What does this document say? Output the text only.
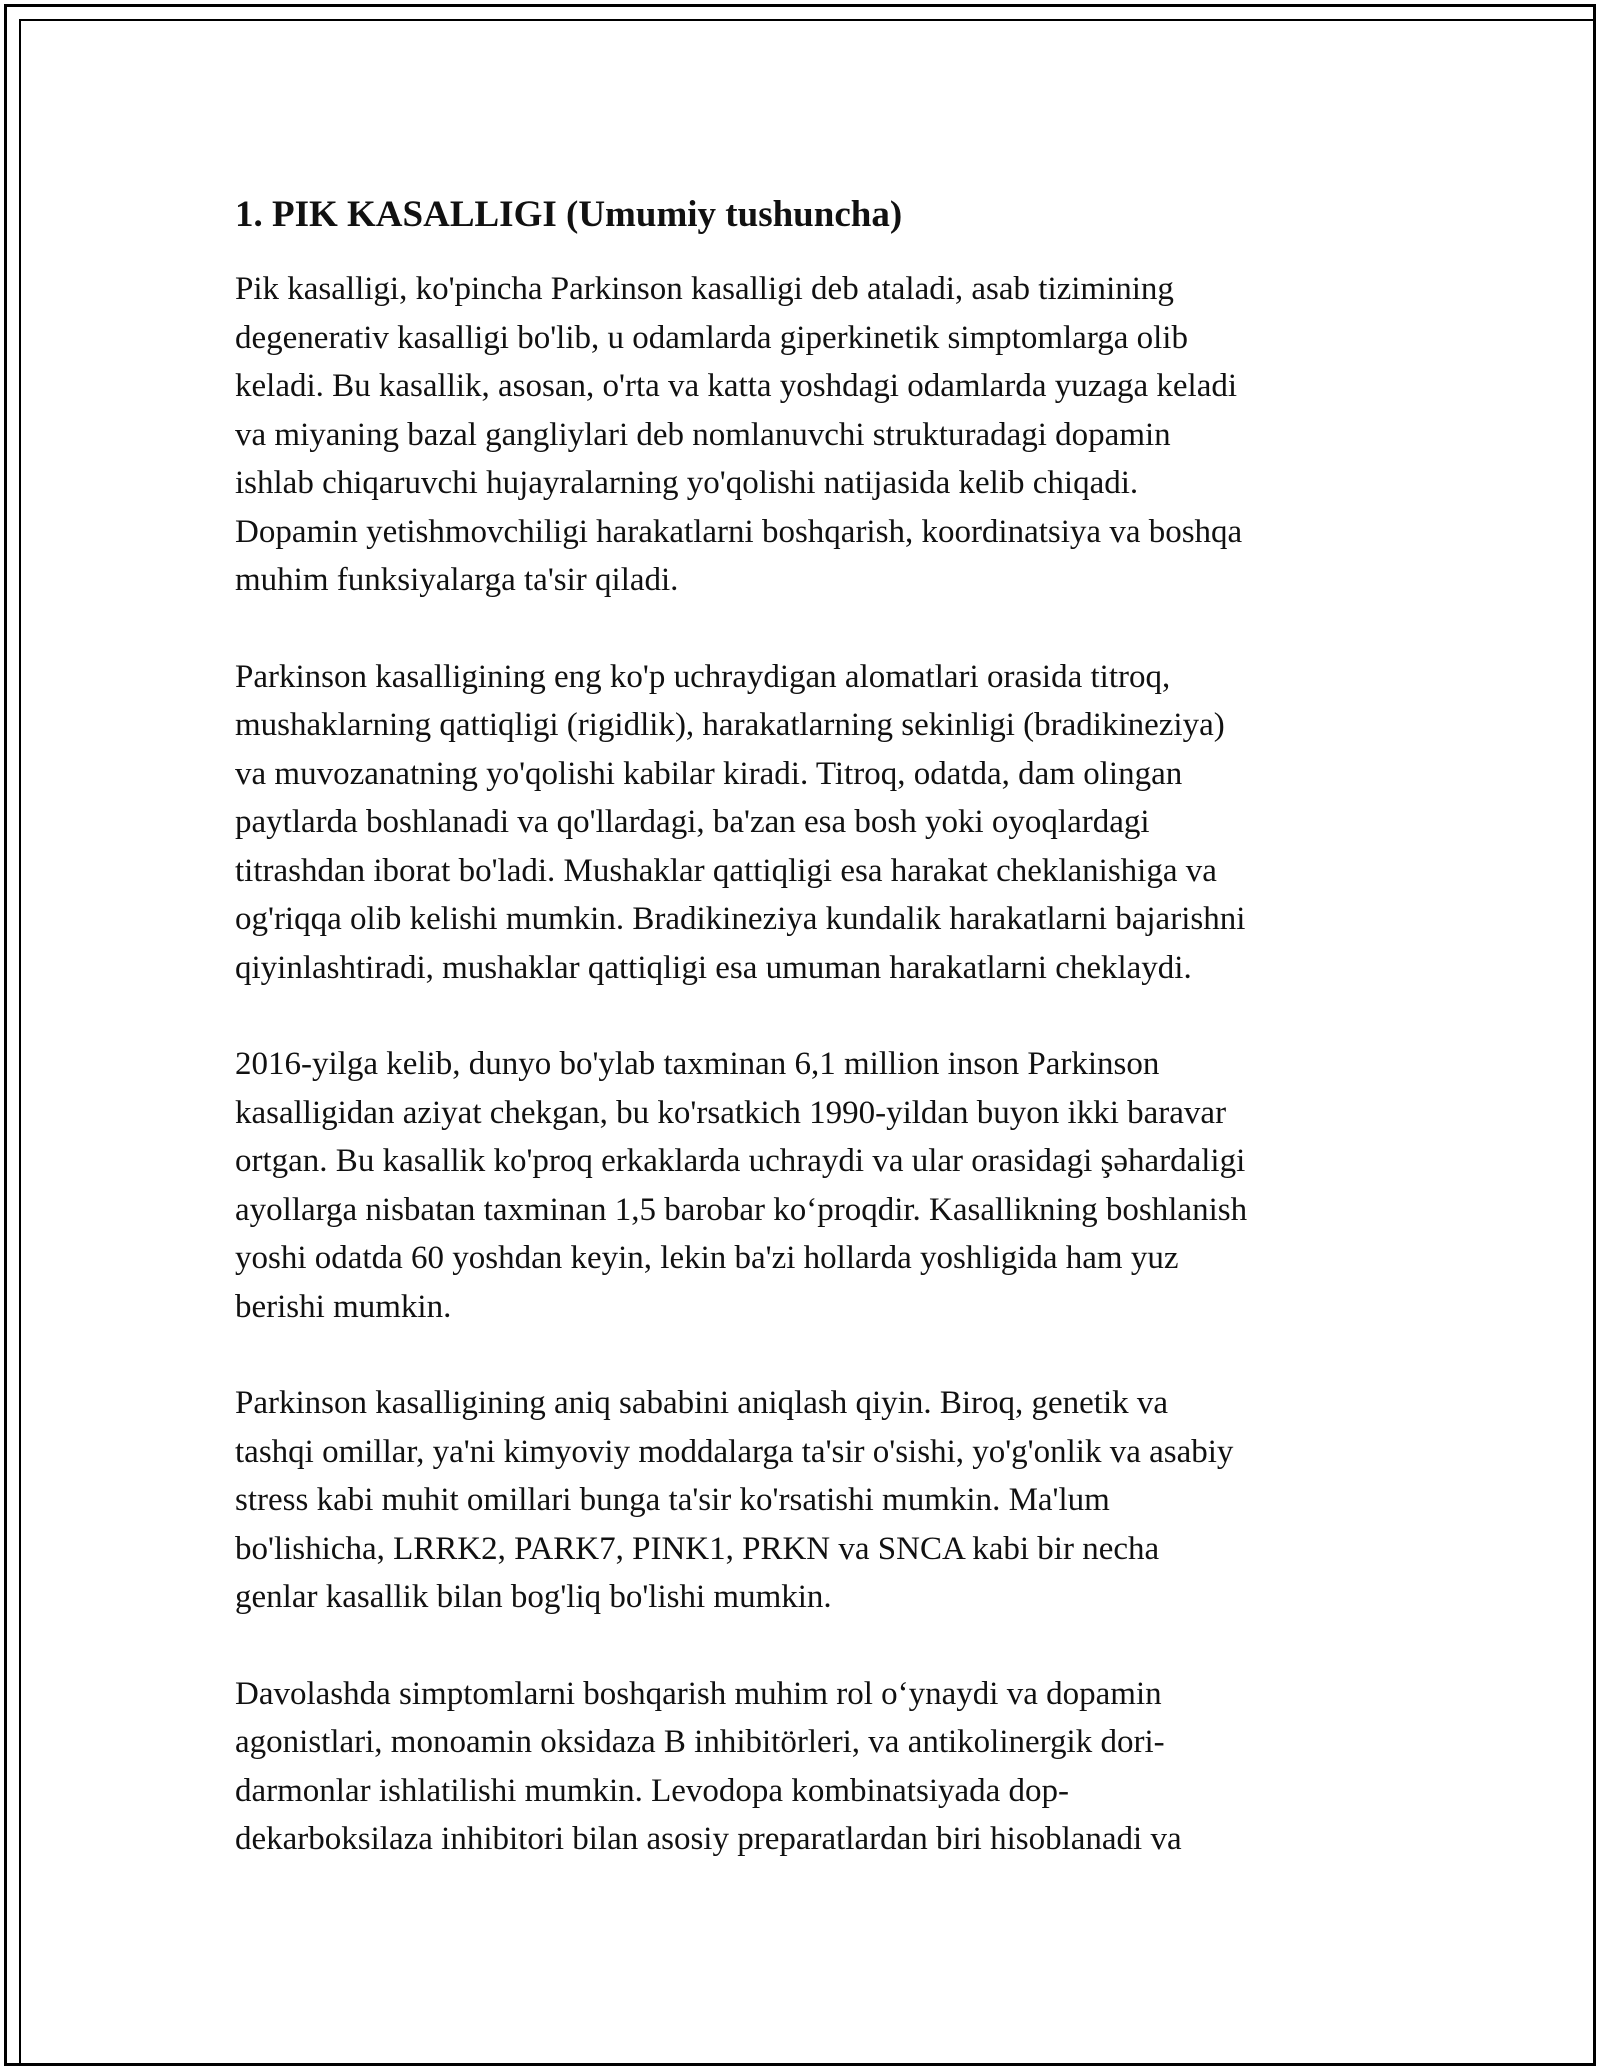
1. PIK KASALLIGI (Umumiy tushuncha)

Pik kasalligi, ko'pincha Parkinson kasalligi deb ataladi, asab tizimining
degenerativ kasalligi bo'lib, u odamlarda giperkinetik simptomlarga olib
keladi. Bu kasallik, asosan, o'rta va katta yoshdagi odamlarda yuzaga keladi
va miyaning bazal gangliylari deb nomlanuvchi strukturadagi dopamin
ishlab chiqaruvchi hujayralarning yo'qolishi natijasida kelib chiqadi.
Dopamin yetishmovchiligi harakatlarni boshqarish, koordinatsiya va boshqa
muhim funksiyalarga ta'sir qiladi.

Parkinson kasalligining eng ko'p uchraydigan alomatlari orasida titroq,
mushaklarning qattiqligi (rigidlik), harakatlarning sekinligi (bradikineziya)
va muvozanatning yo'qolishi kabilar kiradi. Titroq, odatda, dam olingan
paytlarda boshlanadi va qo'llardagi, ba'zan esa bosh yoki oyoqlardagi
titrashdan iborat bo'ladi. Mushaklar qattiqligi esa harakat cheklanishiga va
og'riqqa olib kelishi mumkin. Bradikineziya kundalik harakatlarni bajarishni
qiyinlashtiradi, mushaklar qattiqligi esa umuman harakatlarni cheklaydi.

2016-yilga kelib, dunyo bo'ylab taxminan 6,1 million inson Parkinson
kasalligidan aziyat chekgan, bu ko'rsatkich 1990-yildan buyon ikki baravar
ortgan. Bu kasallik ko'proq erkaklarda uchraydi va ular orasidagi şəhardaligi
ayollarga nisbatan taxminan 1,5 barobar koʻproqdir. Kasallikning boshlanish
yoshi odatda 60 yoshdan keyin, lekin ba'zi hollarda yoshligida ham yuz
berishi mumkin.

Parkinson kasalligining aniq sababini aniqlash qiyin. Biroq, genetik va
tashqi omillar, ya'ni kimyoviy moddalarga ta'sir o'sishi, yo'g'onlik va asabiy
stress kabi muhit omillari bunga ta'sir ko'rsatishi mumkin. Ma'lum
bo'lishicha, LRRK2, PARK7, PINK1, PRKN va SNCA kabi bir necha
genlar kasallik bilan bog'liq bo'lishi mumkin.

Davolashda simptomlarni boshqarish muhim rol oʻynaydi va dopamin
agonistlari, monoamin oksidaza B inhibitörleri, va antikolinergik dori-
darmonlar ishlatilishi mumkin. Levodopa kombinatsiyada dop-
dekarboksilaza inhibitori bilan asosiy preparatlardan biri hisoblanadi va
